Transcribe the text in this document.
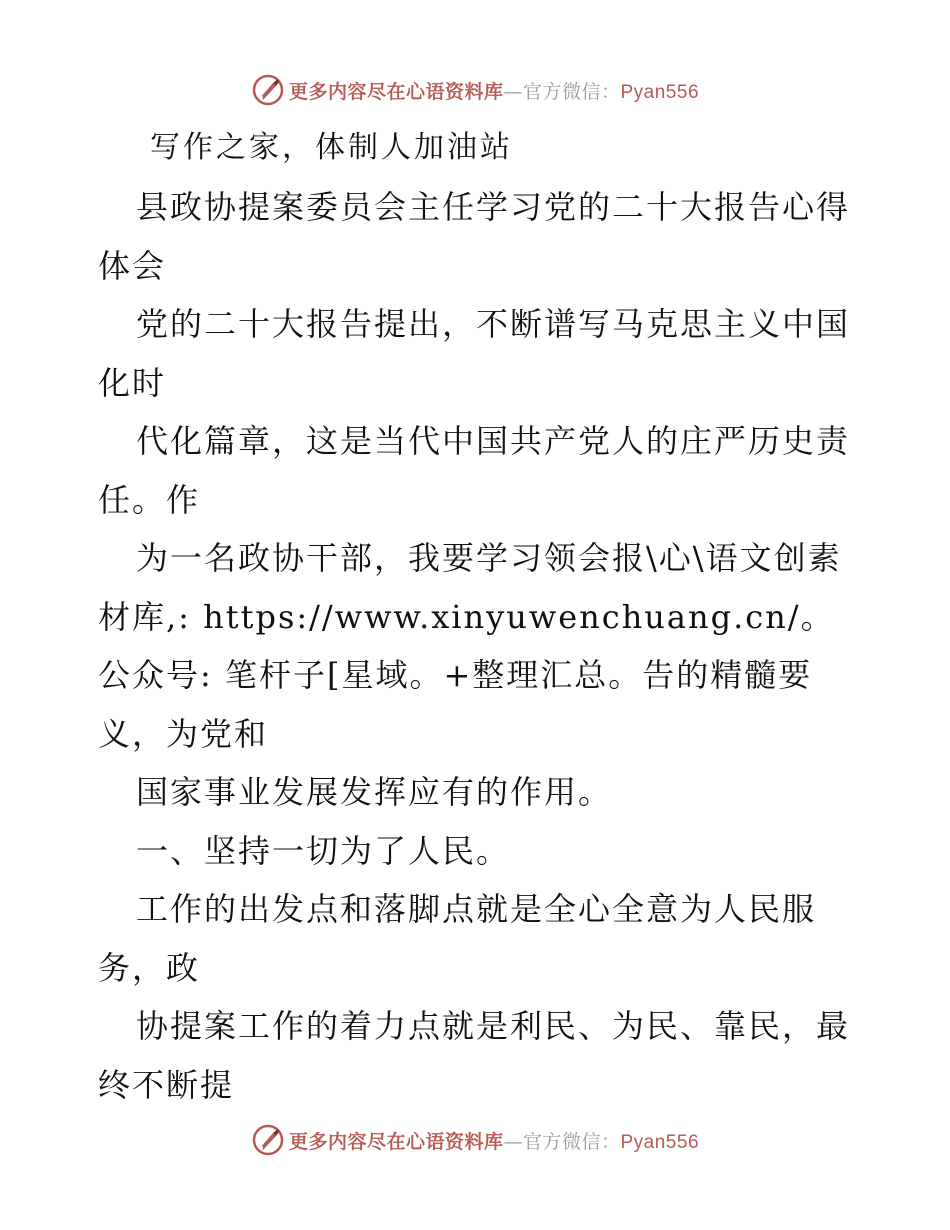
更多内容尽在心语资料库—官方微信：Pyan556
写作之家，体制人加油站

县政协提案委员会主任学习党的二十大报告心得体会

党的二十大报告提出，不断谱写马克思主义中国化时

代化篇章，这是当代中国共产党人的庄严历史责任。作

为一名政协干部，我要学习领会报\心\语文创素材库,: https://www.xinyuwenchuang.cn/。公众号: 笔杆子[星域。+整理汇总。告的精髓要义，为党和

国家事业发展发挥应有的作用。

一、坚持一切为了人民。

工作的出发点和落脚点就是全心全意为人民服务，政

协提案工作的着力点就是利民、为民、靠民，最终不断提

更多内容尽在心语资料库—官方微信：Pyan556
